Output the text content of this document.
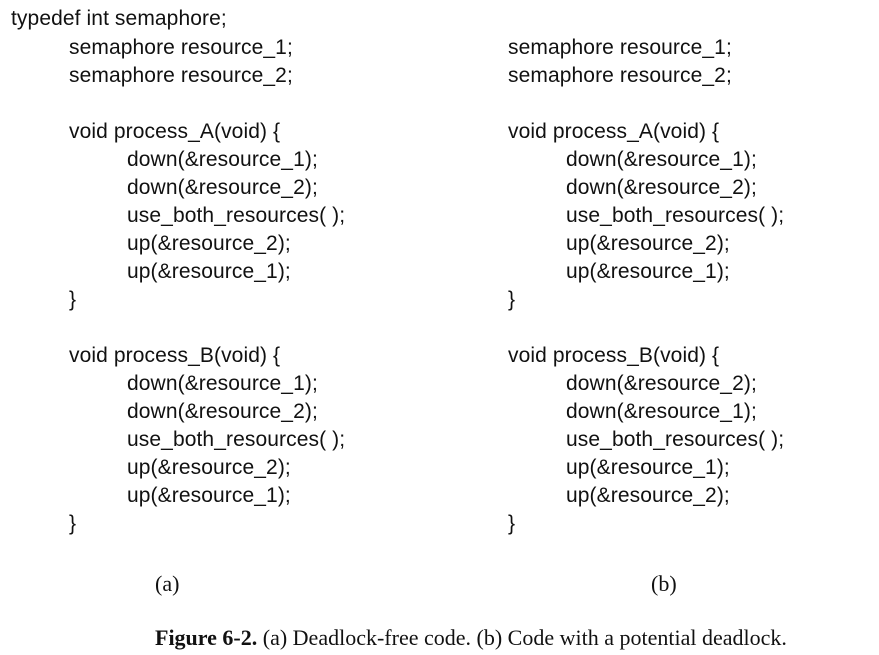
typedef int semaphore;
semaphore resource_1;
semaphore resource_2;
void process_A(void) {
down(&resource_1);
down(&resource_2);
use_both_resources( );
up(&resource_2);
up(&resource_1);
}
void process_B(void) {
down(&resource_1);
down(&resource_2);
use_both_resources( );
up(&resource_2);
up(&resource_1);
}
(a)
semaphore resource_1;
semaphore resource_2;
void process_A(void) {
down(&resource_1);
down(&resource_2);
use_both_resources( );
up(&resource_2);
up(&resource_1);
}
void process_B(void) {
down(&resource_2);
down(&resource_1);
use_both_resources( );
up(&resource_1);
up(&resource_2);
}
(b)
Figure 6-2. (a) Deadlock-free code. (b) Code with a potential deadlock.
